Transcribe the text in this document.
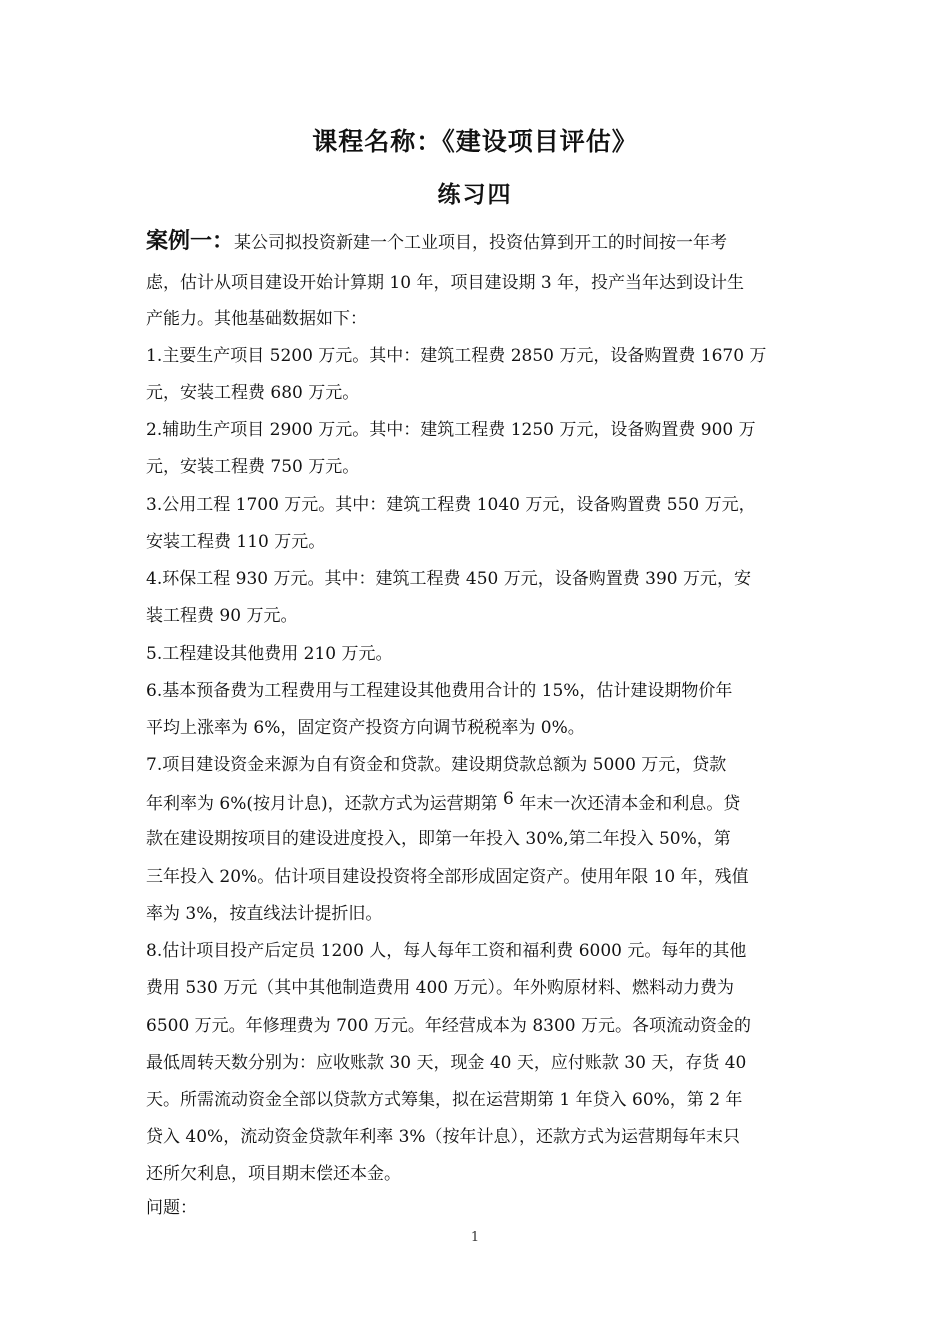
课程名称：《建设项目评估》
练习四
案例一：某公司拟投资新建一个工业项目，投资估算到开工的时间按一年考
虑，估计从项目建设开始计算期 10 年，项目建设期 3 年，投产当年达到设计生
产能力。其他基础数据如下：
1.主要生产项目 5200 万元。其中：建筑工程费 2850 万元，设备购置费 1670 万
元，安装工程费 680 万元。
2.辅助生产项目 2900 万元。其中：建筑工程费 1250 万元，设备购置费 900 万
元，安装工程费 750 万元。
3.公用工程 1700 万元。其中：建筑工程费 1040 万元，设备购置费 550 万元，
安装工程费 110 万元。
4.环保工程 930 万元。其中：建筑工程费 450 万元，设备购置费 390 万元，安
装工程费 90 万元。
5.工程建设其他费用 210 万元。
6.基本预备费为工程费用与工程建设其他费用合计的 15%，估计建设期物价年
平均上涨率为 6%，固定资产投资方向调节税税率为 0%。
7.项目建设资金来源为自有资金和贷款。建设期贷款总额为 5000 万元，贷款
年利率为 6%(按月计息)，还款方式为运营期第 6 年末一次还清本金和利息。贷
款在建设期按项目的建设进度投入，即第一年投入 30%,第二年投入 50%，第
三年投入 20%。估计项目建设投资将全部形成固定资产。使用年限 10 年，残值
率为 3%，按直线法计提折旧。
8.估计项目投产后定员 1200 人，每人每年工资和福利费 6000 元。每年的其他
费用 530 万元（其中其他制造费用 400 万元）。年外购原材料、燃料动力费为
6500 万元。年修理费为 700 万元。年经营成本为 8300 万元。各项流动资金的
最低周转天数分别为：应收账款 30 天，现金 40 天，应付账款 30 天，存货 40
天。所需流动资金全部以贷款方式筹集，拟在运营期第 1 年贷入 60%，第 2 年
贷入 40%，流动资金贷款年利率 3%（按年计息），还款方式为运营期每年末只
还所欠利息，项目期末偿还本金。
问题：
1
